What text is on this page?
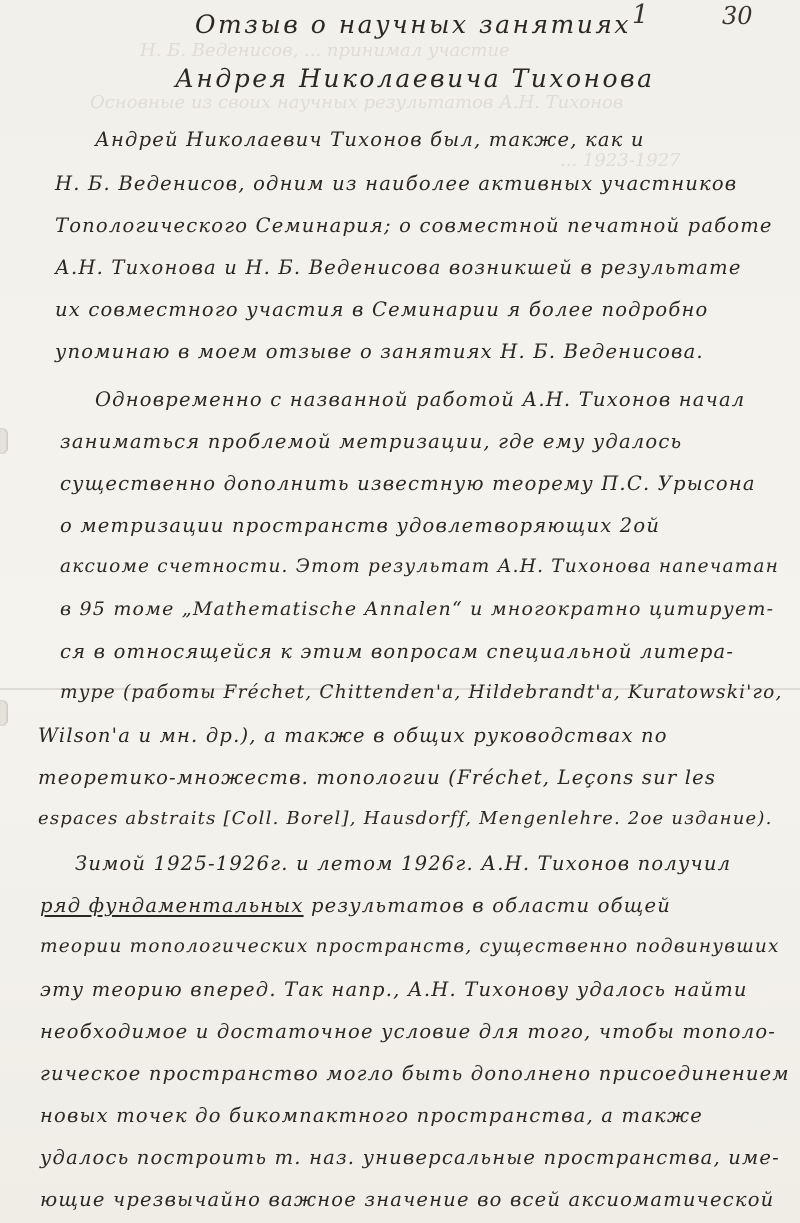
Н. Б. Веденисов, ... принимал участие
Основные из своих научных результатов А.Н. Тихонов
... 1923-1927
1	30
Отзыв о научных занятиях
Андрея Николаевича Тихонова
Андрей Николаевич Тихонов был, также, как и
Н. Б. Веденисов, одним из наиболее активных участников
Топологического Семинария; о совместной печатной работе
А.Н. Тихонова и Н. Б. Веденисова возникшей в результате
их совместного участия в Семинарии я более подробно
упоминаю в моем отзыве о занятиях Н. Б. Веденисова.
Одновременно с названной работой А.Н. Тихонов начал
заниматься проблемой метризации, где ему удалось
существенно дополнить известную теорему П.С. Урысона
о метризации пространств удовлетворяющих 2ой
аксиоме счетности. Этот результат А.Н. Тихонова напечатан
в 95 томе „Mathematische Annalen“ и многократно цитирует-
ся в относящейся к этим вопросам специальной литера-
туре (работы Fréchet, Chittenden'a, Hildebrandt'a, Kuratowski'го,
Wilson'a и мн. др.), а также в общих руководствах по
теоретико-множеств. топологии (Fréchet, Leçons sur les
espaces abstraits [Coll. Borel], Hausdorff, Mengenlehre. 2ое издание).
Зимой 1925-1926г. и летом 1926г. А.Н. Тихонов получил
ряд фундаментальных результатов в области общей
теории топологических пространств, существенно подвинувших
эту теорию вперед. Так напр., А.Н. Тихонову удалось найти
необходимое и достаточное условие для того, чтобы тополо-
гическое пространство могло быть дополнено присоединением
новых точек до бикомпактного пространства, а также
удалось построить т. наз. универсальные пространства, име-
ющие чрезвычайно важное значение во всей аксиоматической
